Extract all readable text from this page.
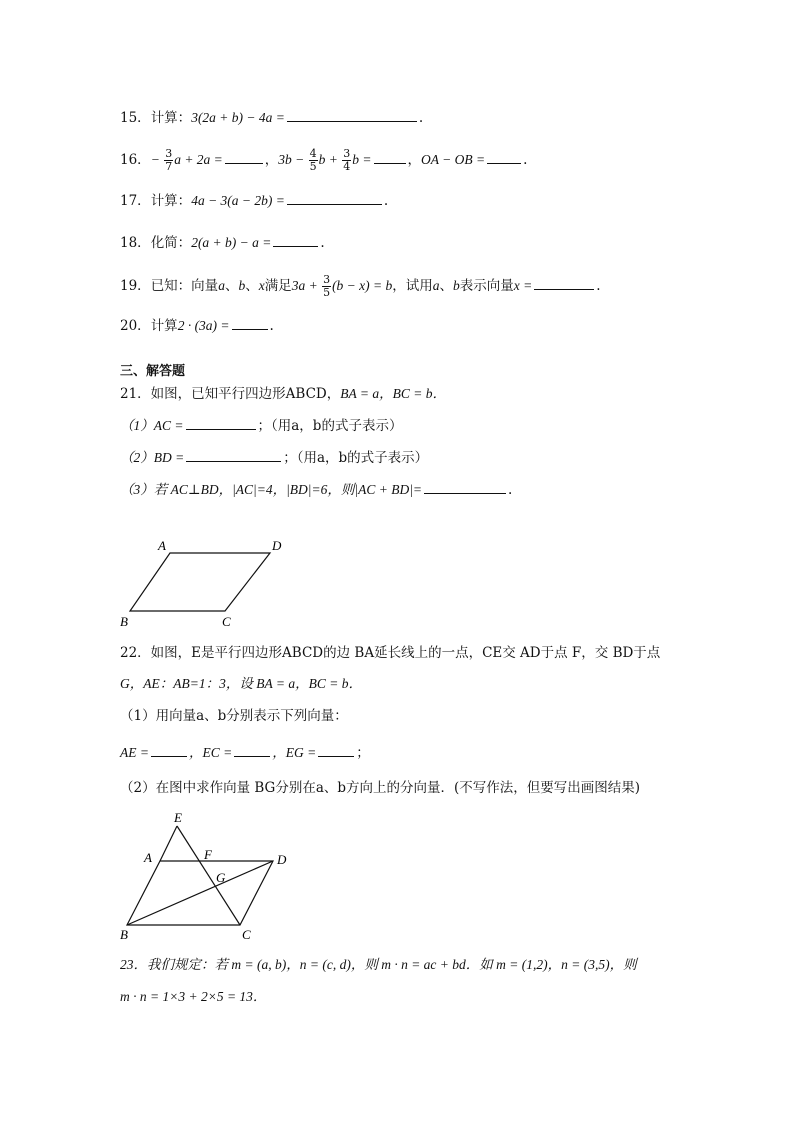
15．计算：3(2a + b) − 4a =	.
16．− $\frac{3}{7}$ a + 2a =	，$3b - \frac{4}{5}$ $b + \frac{3}{4}$ b =	，OA − OB =	.
17．计算：4a − 3(a − 2b) =	.
18．化简：2(a + b) − a =	.
19．已知：向量a、b、x满足$3a + \frac{3}{5} (b - x) = b$，试用a、b表示向量x =	.
20．计算2 · (3a) =	.
三、解答题
21．如图，已知平行四边形ABCD，BA = a，BC = b．
（1）AC =	；（用a，b的式子表示）
（2）BD =	；（用a，b的式子表示）
（3）若 AC⊥BD，|AC|=4，|BD|=6，则|AC + BD|=	.
A	D
B	C
22．如图，E是平行四边形ABCD的边 BA延长线上的一点，CE交 AD于点 F，交 BD于点
G，AE：AB=1：3，设 BA = a，BC = b．
（1）用向量a、b分别表示下列向量：
AE =	，EC =	，EG =	；
（2）在图中求作向量 BG分别在a、b方向上的分向量．(不写作法，但要写出画图结果)
E
A	F
G
D
B	C
23．我们规定：若 m = (a, b)，n = (c, d)，则 m · n = ac + bd．如 m = (1,2)，n = (3,5)，则
m · n = 1×3 + 2×5 = 13．
